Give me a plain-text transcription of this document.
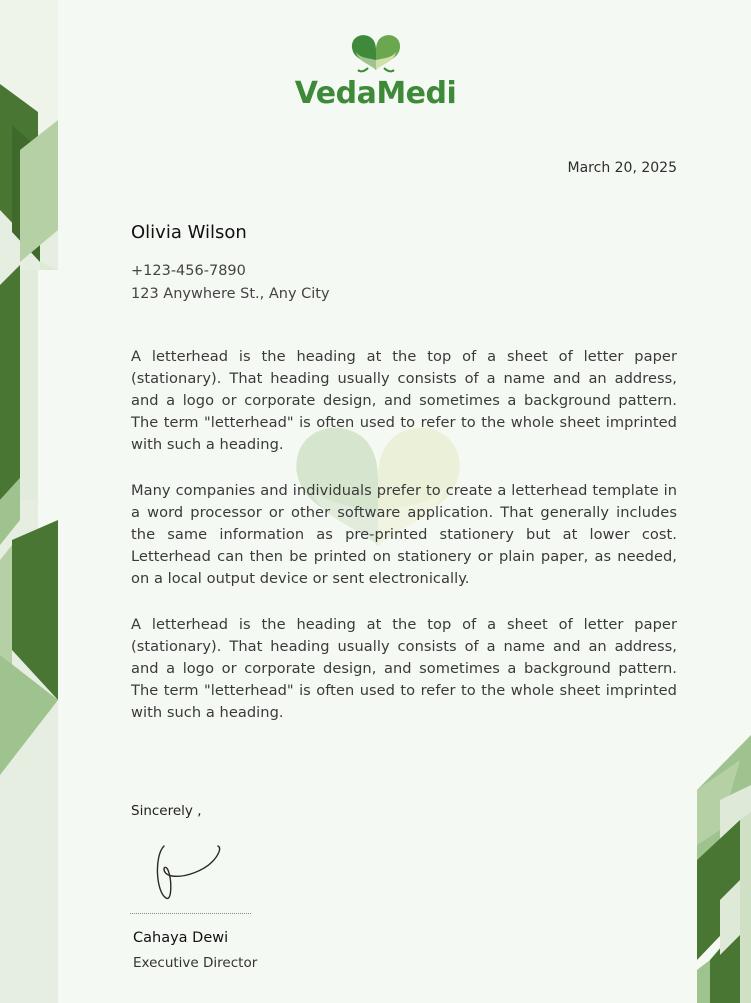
VedaMedi
March 20, 2025
Olivia Wilson
+123-456-7890
123 Anywhere St., Any City

A letterhead is the heading at the top of a sheet of letter paper (stationary). That heading usually consists of a name and an address, and a logo or corporate design, and sometimes a background pattern. The term "letterhead" is often used to refer to the whole sheet imprinted with such a heading.

Many companies and individuals prefer to create a letterhead template in a word processor or other software application. That generally includes the same information as pre-printed stationery but at lower cost. Letterhead can then be printed on stationery or plain paper, as needed, on a local output device or sent electronically.

A letterhead is the heading at the top of a sheet of letter paper (stationary). That heading usually consists of a name and an address, and a logo or corporate design, and sometimes a background pattern. The term "letterhead" is often used to refer to the whole sheet imprinted with such a heading.

Sincerely ,
Cahaya Dewi
Executive Director
